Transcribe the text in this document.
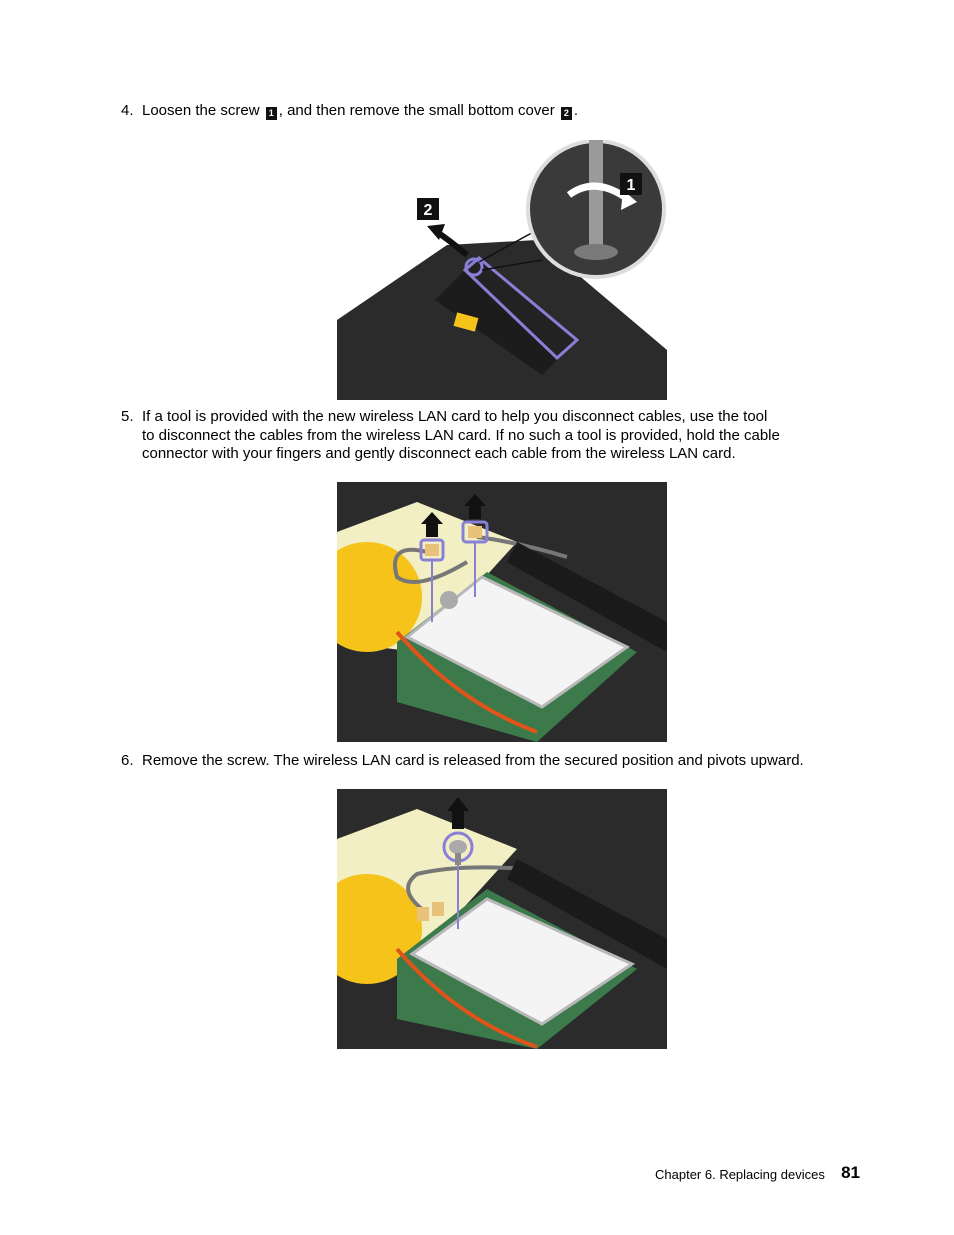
4. Loosen the screw 1 , and then remove the small bottom cover 2 .
1
2
5. If a tool is provided with the new wireless LAN card to help you disconnect cables, use the tool
to disconnect the cables from the wireless LAN card. If no such a tool is provided, hold the cable
connector with your fingers and gently disconnect each cable from the wireless LAN card.
6. Remove the screw. The wireless LAN card is released from the secured position and pivots upward.
Chapter 6. Replacing devices 81
